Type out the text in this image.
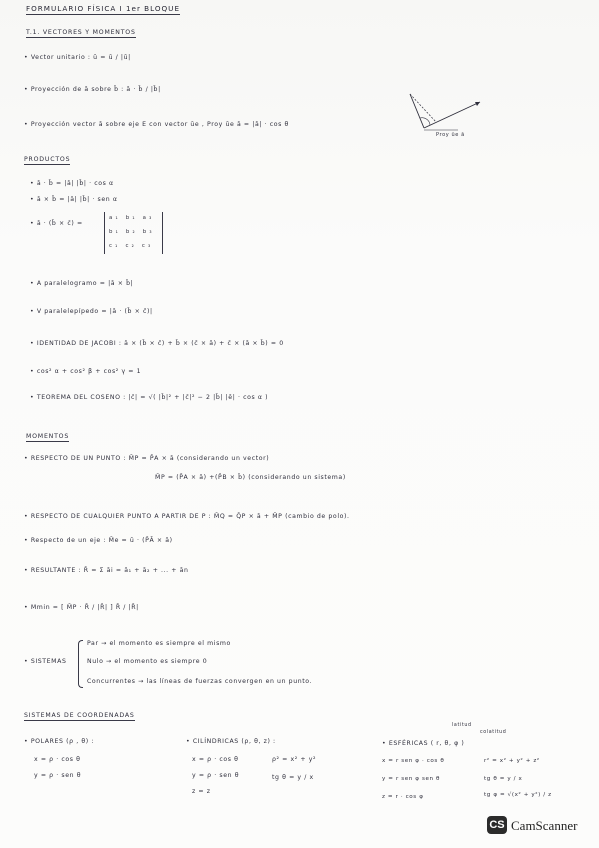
FORMULARIO FÍSICA I 1er BLOQUE
T.1. VECTORES Y MOMENTOS
• Vector unitario : ū = ū / |ū|
• Proyección de ā sobre b̄ : ā · b̄ / |b̄|
• Proyección vector ā sobre eje E con vector ūe , Proy ūe ā = |ā| · cos θ
Proy ūe ā
PRODUCTOS
• ā · b̄ = |ā| |b̄| · cos α
• ā × b̄ = |ā| |b̄| · sen α
• ā · (b̄ × c̄) =
a₁ b₁ a₃
b₁ b₂ b₃
c₁ c₂ c₃
• A paralelogramo = |ā × b̄|
• V paralelepípedo = |ā · (b̄ × c̄)|
• IDENTIDAD DE JACOBI : ā × (b̄ × c̄) + b̄ × (c̄ × ā) + c̄ × (ā × b̄) = 0
• cos² α + cos² β + cos² γ = 1
• TEOREMA DEL COSENO : |c̄| = √( |b̄|² + |c̄|² − 2 |b̄| |ē| · cos α )
MOMENTOS
• RESPECTO DE UN PUNTO : M̄P = P̄A × ā (considerando un vector)
M̄P = (P̄A × ā) +(P̄B × b̄) (considerando un sistema)
• RESPECTO DE CUALQUIER PUNTO A PARTIR DE P : M̄Q = Q̄P × ā + M̄P (cambio de polo).
• Respecto de un eje : M̄e = ū · (P̄Ā × ā)
• RESULTANTE : R̄ = Σ āi = ā₁ + ā₂ + ... + ān
• Mmin = [ M̄P · R̄ / |R̄| ] R̄ / |R̄|
• SISTEMAS
Par → el momento es siempre el mismo
Nulo → el momento es siempre 0
Concurrentes → las líneas de fuerzas convergen en un punto.
SISTEMAS DE COORDENADAS
• POLARES (ρ , θ) :
x = ρ · cos θ
y = ρ · sen θ
• CILÍNDRICAS (ρ, θ, z) :
x = ρ · cos θ
y = ρ · sen θ
z = z
ρ² = x² + y²
tg θ = y / x
latitud
colatitud
• ESFÉRICAS ( r, θ, φ )
x = r sen φ · cos θ
y = r sen φ sen θ
z = r · cos φ
r² = x² + y² + z²
tg θ = y / x
tg φ = √(x² + y²) / z
CS CamScanner
